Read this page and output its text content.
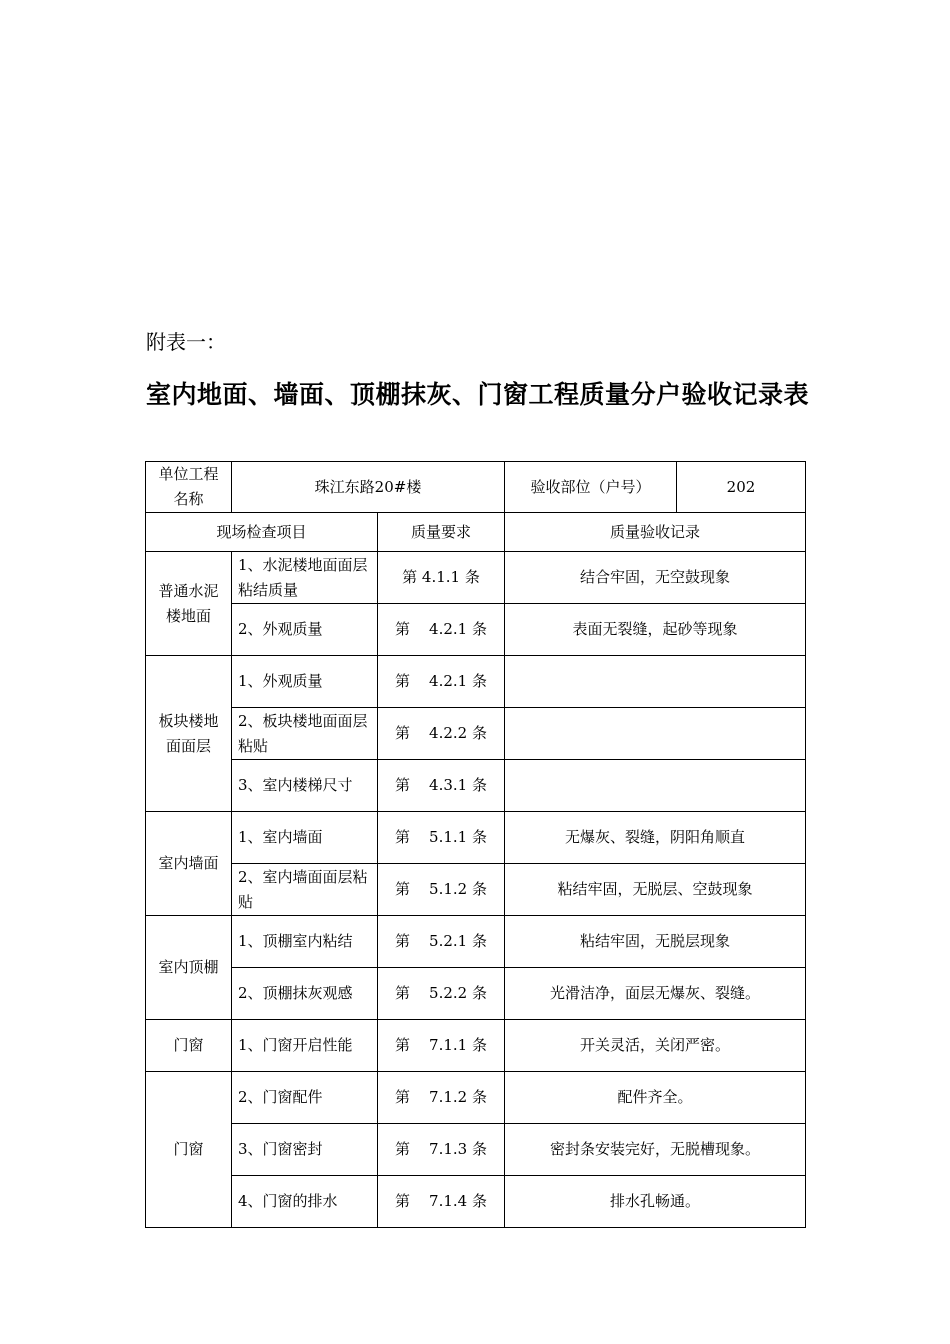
附表一：
室内地面、墙面、顶棚抹灰、门窗工程质量分户验收记录表
单位工程名称	珠江东路20#楼		验收部位（户号）	202
现场检查项目		质量要求	质量验收记录	
普通水泥楼地面	1、水泥楼地面面层粘结质量	第 4.1.1 条	结合牢固，无空鼓现象	
	2、外观质量	第    4.2.1 条	表面无裂缝，起砂等现象	
板块楼地面面层	1、外观质量	第    4.2.1 条		
	2、板块楼地面面层粘贴	第    4.2.2 条		
	3、室内楼梯尺寸	第    4.3.1 条		
室内墙面	1、室内墙面	第    5.1.1 条	无爆灰、裂缝，阴阳角顺直	
	2、室内墙面面层粘贴	第    5.1.2 条	粘结牢固，无脱层、空鼓现象	
室内顶棚	1、顶棚室内粘结	第    5.2.1 条	粘结牢固，无脱层现象	
	2、顶棚抹灰观感	第    5.2.2 条	光滑洁净，面层无爆灰、裂缝。	
门窗	1、门窗开启性能	第    7.1.1 条	开关灵活，关闭严密。	
门窗	2、门窗配件	第    7.1.2 条	配件齐全。	
	3、门窗密封	第    7.1.3 条	密封条安装完好，无脱槽现象。	
	4、门窗的排水	第    7.1.4 条	排水孔畅通。	
